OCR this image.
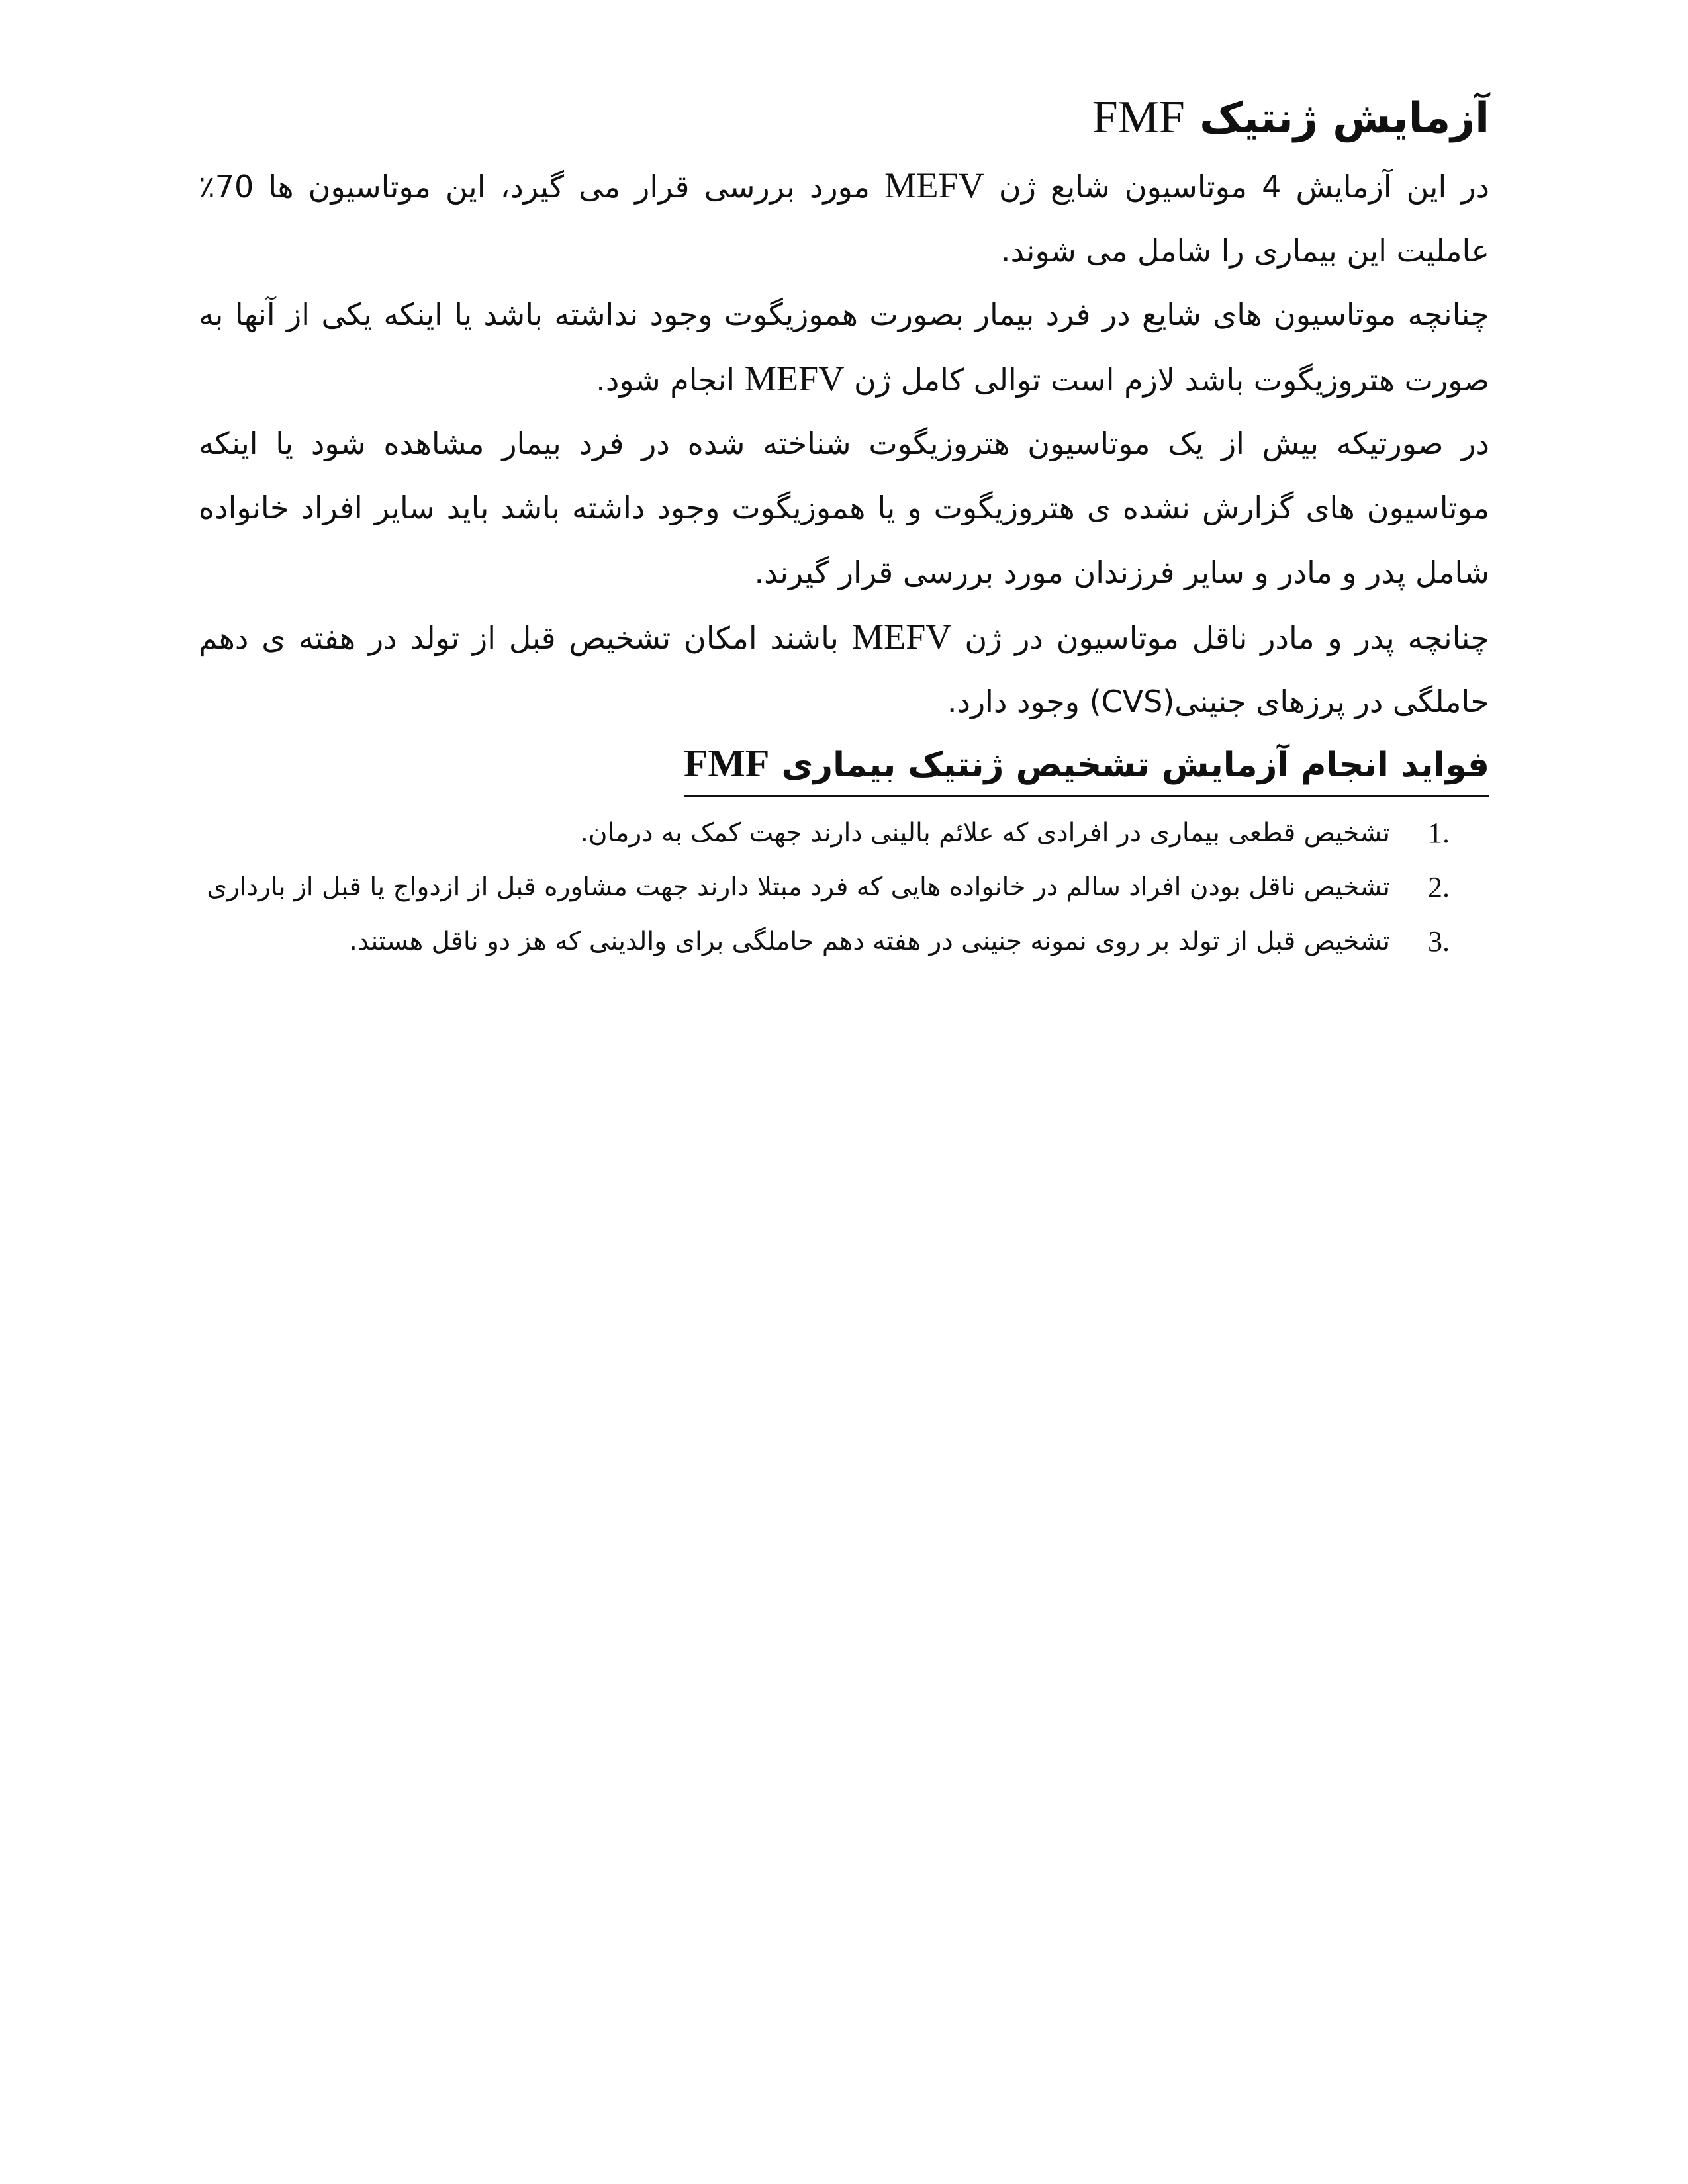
آزمایش ژنتیک FMF

در این آزمایش 4 موتاسیون شایع ژن MEFV مورد بررسی قرار می گیرد، این موتاسیون ها 70٪ عاملیت این بیماری را شامل می شوند.

چنانچه موتاسیون های شایع در فرد بیمار بصورت هموزیگوت وجود نداشته باشد یا اینکه یکی از آنها به صورت هتروزیگوت باشد لازم است توالی کامل ژن MEFV انجام شود.

در صورتیکه بیش از یک موتاسیون هتروزیگوت شناخته شده در فرد بیمار مشاهده شود یا اینکه موتاسیون های گزارش نشده ی هتروزیگوت و یا هموزیگوت وجود داشته باشد باید سایر افراد خانواده شامل پدر و مادر و سایر فرزندان مورد بررسی قرار گیرند.

چنانچه پدر و مادر ناقل موتاسیون در ژن MEFV باشند امکان تشخیص قبل از تولد در هفته ی دهم حاملگی در پرزهای جنینی(CVS) وجود دارد.

فواید انجام آزمایش تشخیص ژنتیک بیماری FMF
1.
تشخیص قطعی بیماری در افرادی که علائم بالینی دارند جهت کمک به درمان.
2.
تشخیص ناقل بودن افراد سالم در خانواده هایی که فرد مبتلا دارند جهت مشاوره قبل از ازدواج یا قبل از بارداری
3.
تشخیص قبل از تولد بر روی نمونه جنینی در هفته دهم حاملگی برای والدینی که هز دو ناقل هستند.
